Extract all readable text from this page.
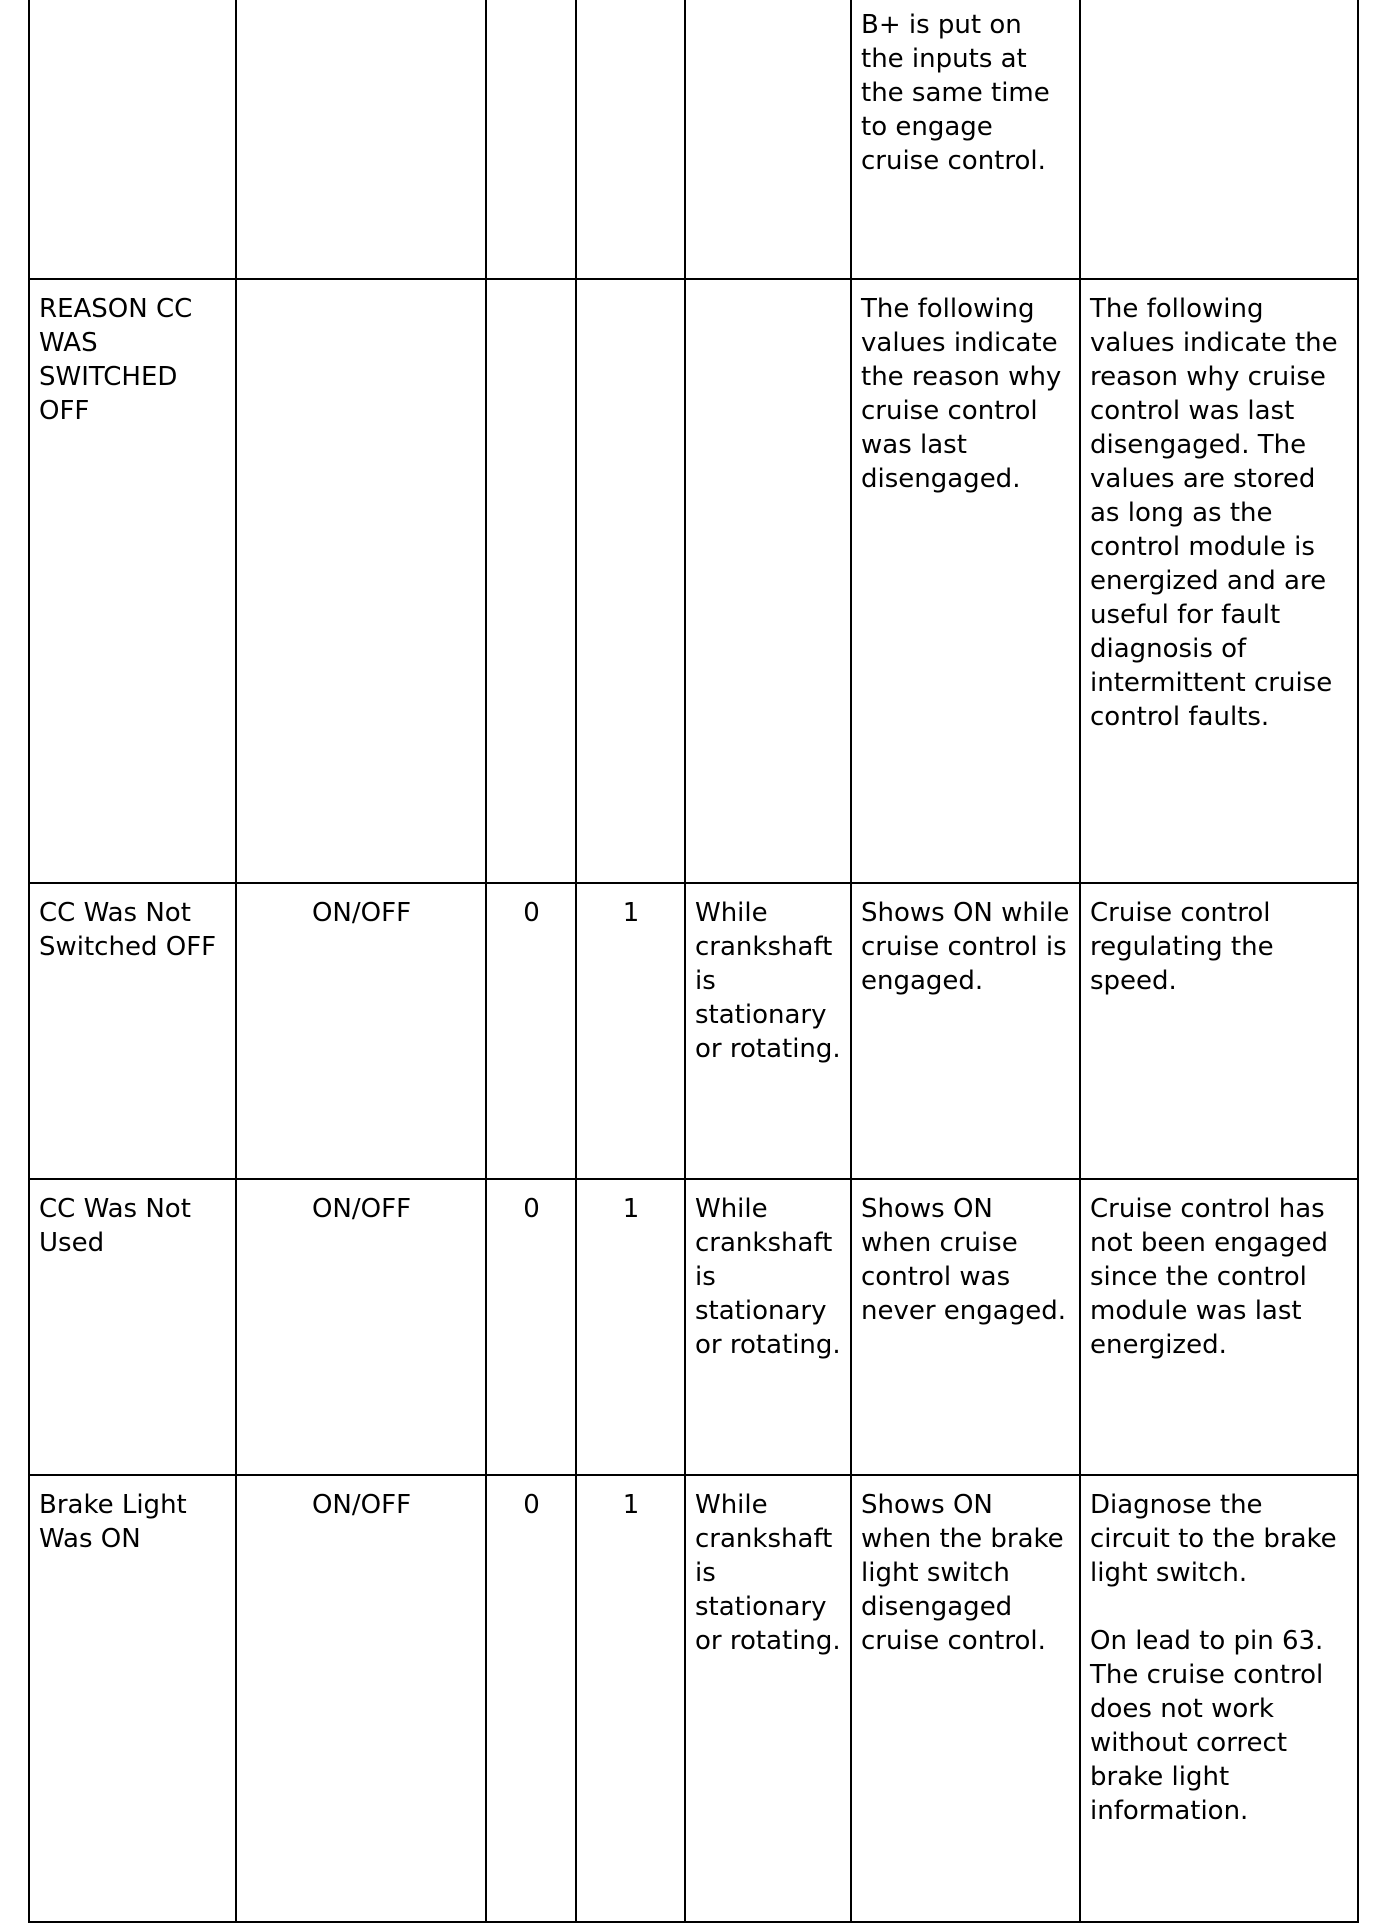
					B+ is put on the inputs at the same time to engage cruise control.	

REASON CC WAS SWITCHED OFF					The following values indicate the reason why cruise control was last disengaged.	The following values indicate the reason why cruise control was last disengaged. The values are stored as long as the control module is energized and are useful for fault diagnosis of intermittent cruise control faults.

CC Was Not Switched OFF	ON/OFF	0	1	While crankshaft is stationary or rotating.	Shows ON while cruise control is engaged.	Cruise control regulating the speed.

CC Was Not Used	ON/OFF	0	1	While crankshaft is stationary or rotating.	Shows ON when cruise control was never engaged.	Cruise control has not been engaged since the control module was last energized.

Brake Light Was ON	ON/OFF	0	1	While crankshaft is stationary or rotating.	Shows ON when the brake light switch disengaged cruise control.	Diagnose the circuit to the brake light switch.
On lead to pin 63. The cruise control does not work without correct brake light information.
